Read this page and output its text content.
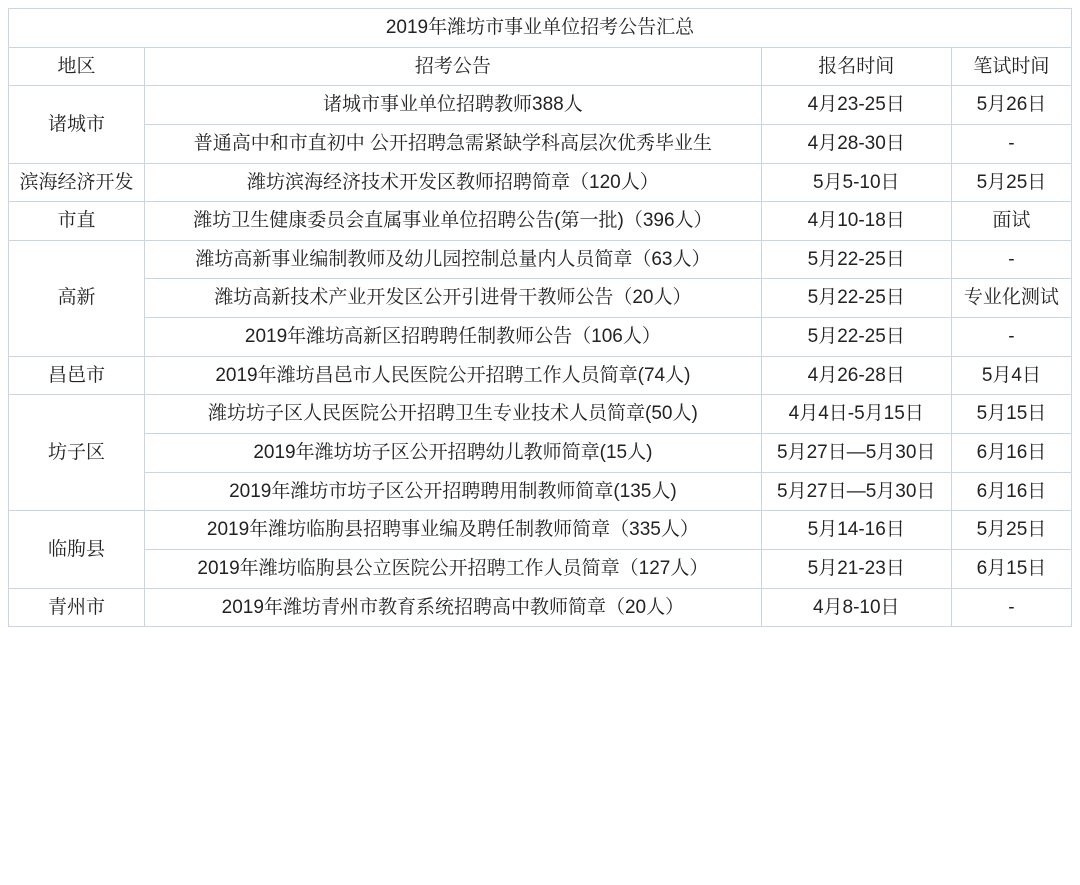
2019年潍坊市事业单位招考公告汇总			
地区	招考公告	报名时间	笔试时间
诸城市	诸城市事业单位招聘教师388人	4月23-25日	5月26日
	普通高中和市直初中 公开招聘急需紧缺学科高层次优秀毕业生	4月28-30日	-
滨海经济开发	潍坊滨海经济技术开发区教师招聘简章（120人）	5月5-10日	5月25日
市直	潍坊卫生健康委员会直属事业单位招聘公告(第一批)（396人）	4月10-18日	面试
高新	潍坊高新事业编制教师及幼儿园控制总量内人员简章（63人）	5月22-25日	-
	潍坊高新技术产业开发区公开引进骨干教师公告（20人）	5月22-25日	专业化测试
	2019年潍坊高新区招聘聘任制教师公告（106人）	5月22-25日	-
昌邑市	2019年潍坊昌邑市人民医院公开招聘工作人员简章(74人)	4月26-28日	5月4日
坊子区	潍坊坊子区人民医院公开招聘卫生专业技术人员简章(50人)	4月4日-5月15日	5月15日
	2019年潍坊坊子区公开招聘幼儿教师简章(15人)	5月27日—5月30日	6月16日
	2019年潍坊市坊子区公开招聘聘用制教师简章(135人)	5月27日—5月30日	6月16日
临朐县	2019年潍坊临朐县招聘事业编及聘任制教师简章（335人）	5月14-16日	5月25日
	2019年潍坊临朐县公立医院公开招聘工作人员简章（127人）	5月21-23日	6月15日
青州市	2019年潍坊青州市教育系统招聘高中教师简章（20人）	4月8-10日	-
